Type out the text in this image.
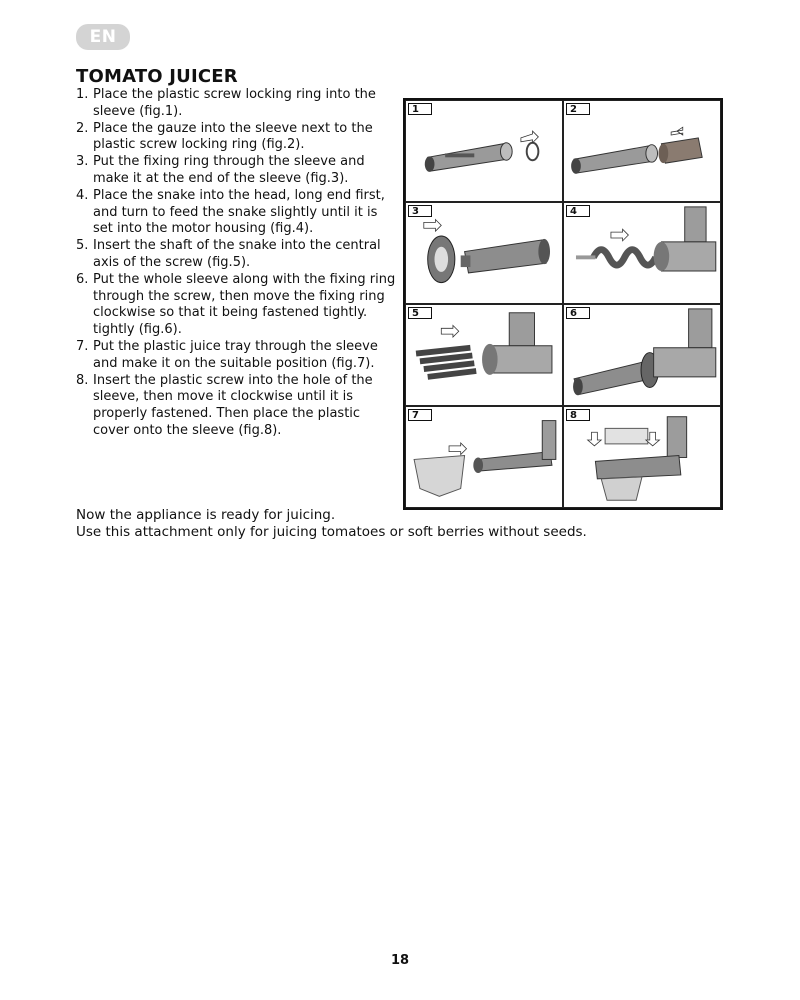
EN
TOMATO JUICER
1. Place the plastic screw locking ring into the sleeve (fig.1).
2. Place the gauze into the sleeve next to the plastic screw locking ring (fig.2).
3. Put the fixing ring through the sleeve and make it at the end of the sleeve (fig.3).
4. Place the snake into the head, long end first, and turn to feed the snake slightly until it is set into the motor housing (fig.4).
5. Insert the shaft of the snake into the central axis of the screw (fig.5).
6. Put the whole sleeve along with the fixing ring through the screw, then move the fixing ring clockwise so that it being fastened tightly. tightly (fig.6).
7. Put the plastic juice tray through the sleeve and make it on the suitable position (fig.7).
8. Insert the plastic screw into the hole of the sleeve, then move it clockwise until it is properly fastened. Then place the plastic cover onto the sleeve (fig.8).
1	2
3	4
5	6
7	8

Now the appliance is ready for juicing.

Use this attachment only for juicing tomatoes or soft berries without seeds.

18
